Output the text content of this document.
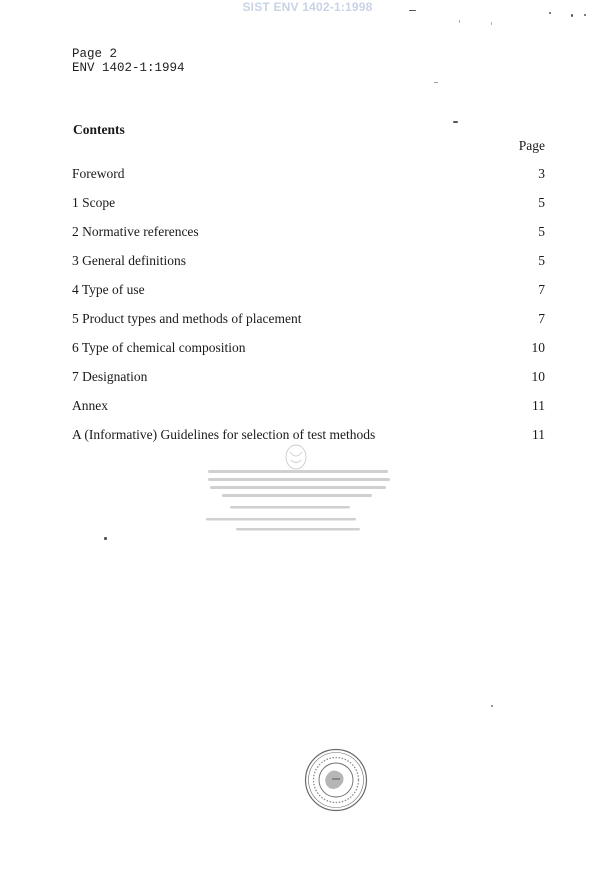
SIST ENV 1402-1:1998
Page 2
ENV 1402-1:1994
Contents
Page
Foreword	3
1 Scope	5
2 Normative references	5
3 General definitions	5
4 Type of use	7
5 Product types and methods of placement	7
6 Type of chemical composition	10
7 Designation	10
Annex	11
A (Informative) Guidelines for selection of test methods	11
